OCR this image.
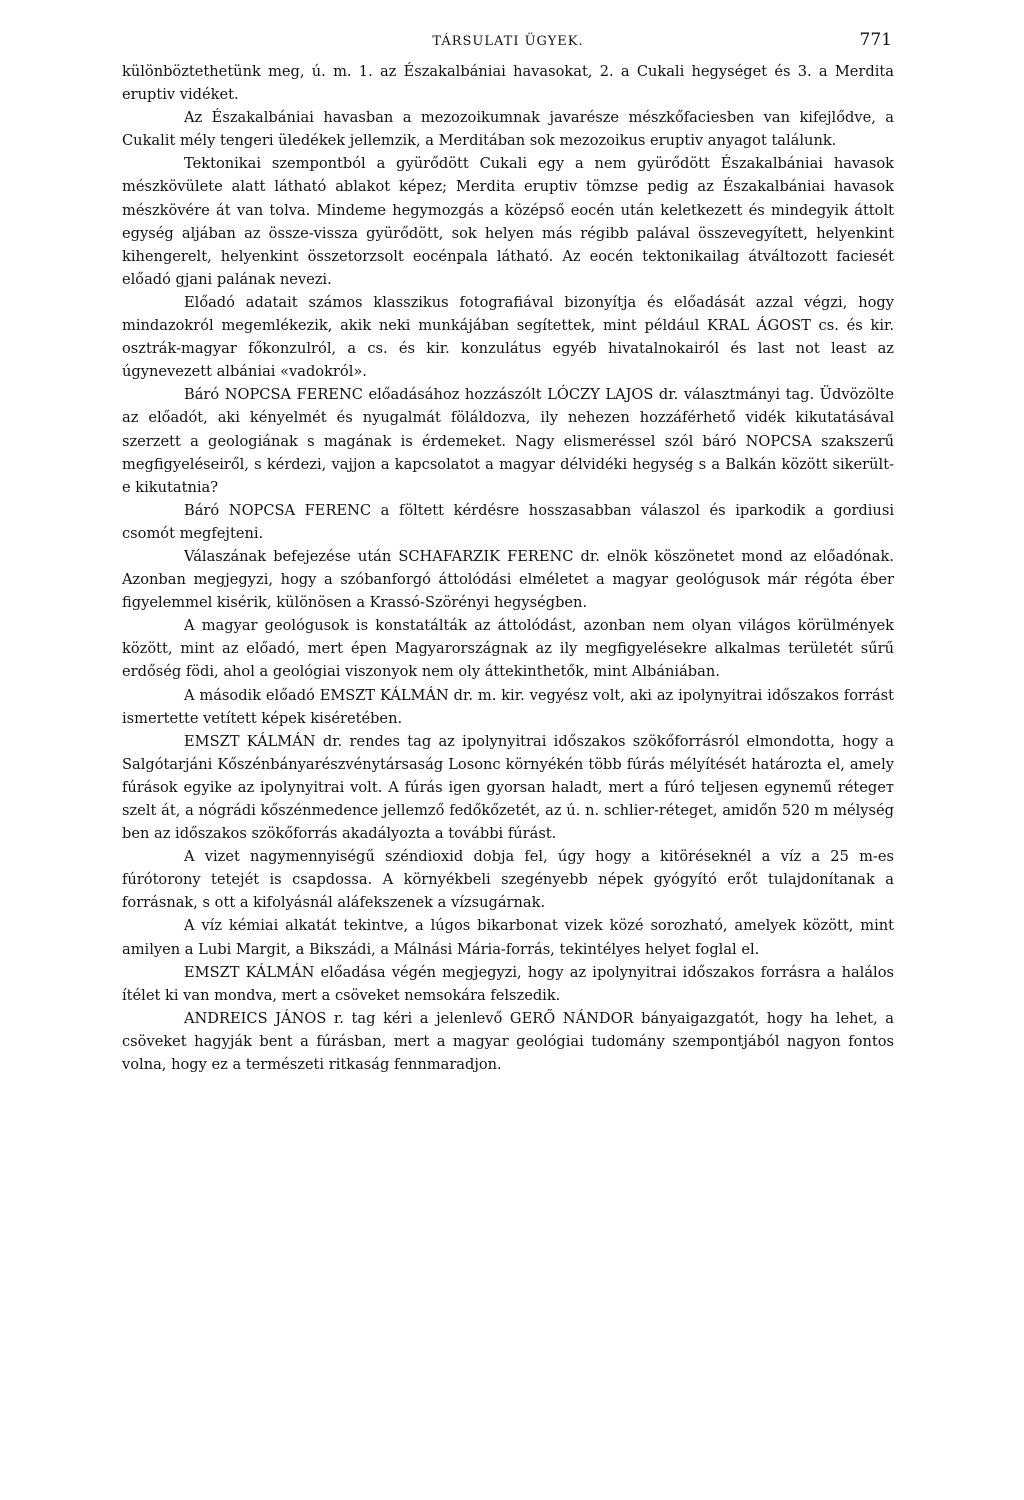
TÁRSULATI ÜGYEK.	771

különböztethetünk meg, ú. m. 1. az Északalbániai havasokat, 2. a Cukali hegységet és 3. a Merdita eruptiv vidéket.

Az Északalbániai havasban a mezozoikumnak javarésze mészkőfaciesben van kifejlődve, a Cukalit mély tengeri üledékek jellemzik, a Merditában sok mezozoikus eruptiv anyagot találunk.

Tektonikai szempontból a gyürődött Cukali egy a nem gyürődött Északalbániai havasok mészkövülete alatt látható ablakot képez; Merdita eruptiv tömzse pedig az Északalbániai havasok mészkövére át van tolva. Mindeme hegymozgás a középső eocén után keletkezett és mindegyik áttolt egység aljában az össze-vissza gyürődött, sok helyen más régibb palával összevegyített, helyenkint kihengerelt, helyenkint összetorzsolt eocénpala látható. Az eocén tektonikailag átváltozott faciesét előadó gjani palának nevezi.

Előadó adatait számos klasszikus fotografiával bizonyítja és előadását azzal végzi, hogy mindazokról megemlékezik, akik neki munkájában segítettek, mint például KRAL ÁGOST cs. és kir. osztrák-magyar főkonzulról, a cs. és kir. konzulátus egyéb hivatalnokairól és last not least az úgynevezett albániai «vadokról».

Báró NOPCSA FERENC előadásához hozzászólt LÓCZY LAJOS dr. választmányi tag. Üdvözölte az előadót, aki kényelmét és nyugalmát föláldozva, ily nehezen hozzáférhető vidék kikutatásával szerzett a geologiának s magának is érdemeket. Nagy elismeréssel szól báró NOPCSA szakszerű megfigyeléseiről, s kérdezi, vajjon a kapcsolatot a magyar délvidéki hegység s a Balkán között sikerült-e kikutatnia?

Báró NOPCSA FERENC a föltett kérdésre hosszasabban válaszol és iparkodik a gordiusi csomót megfejteni.

Válaszának befejezése után SCHAFARZIK FERENC dr. elnök köszönetet mond az előadónak. Azonban megjegyzi, hogy a szóbanforgó áttolódási elméletet a magyar geológusok már régóta éber figyelemmel kisérik, különösen a Krassó-Szörényi hegységben.

A magyar geológusok is konstatálták az áttolódást, azonban nem olyan világos körülmények között, mint az előadó, mert épen Magyarországnak az ily megfigyelésekre alkalmas területét sűrű erdőség födi, ahol a geológiai viszonyok nem oly áttekinthetők, mint Albániában.

A második előadó EMSZT KÁLMÁN dr. m. kir. vegyész volt, aki az ipolynyitrai időszakos forrást ismertette vetített képek kiséretében.

EMSZT KÁLMÁN dr. rendes tag az ipolynyitrai időszakos szökőforrásról elmondotta, hogy a Salgótarjáni Kőszénbányarészvénytársaság Losonc környékén több fúrás mélyítését határozta el, amely fúrások egyike az ipolynyitrai volt. A fúrás igen gyorsan haladt, mert a fúró teljesen egynemű rétegeт szelt át, a nógrádi kőszénmedence jellemző fedőkőzetét, az ú. n. schlier-réteget, amidőn 520 m mélység ben az időszakos szökőforrás akadályozta a további fúrást.

A vizet nagymennyiségű széndioxid dobja fel, úgy hogy a kitöréseknél a víz a 25 m-es fúrótorony tetejét is csapdossa. A környékbeli szegényebb népek gyógyító erőt tulajdonítanak a forrásnak, s ott a kifolyásnál aláfekszenek a vízsugárnak.

A víz kémiai alkatát tekintve, a lúgos bikarbonat vizek közé sorozható, amelyek között, mint amilyen a Lubi Margit, a Bikszádi, a Málnási Mária-forrás, tekintélyes helyet foglal el.

EMSZT KÁLMÁN előadása végén megjegyzi, hogy az ipolynyitrai időszakos forrásra a halálos ítélet ki van mondva, mert a csöveket nemsokára felszedik.

ANDREICS JÁNOS r. tag kéri a jelenlevő GERŐ NÁNDOR bányaigazgatót, hogy ha lehet, a csöveket hagyják bent a fúrásban, mert a magyar geológiai tudomány szempontjából nagyon fontos volna, hogy ez a természeti ritkaság fennmaradjon.
